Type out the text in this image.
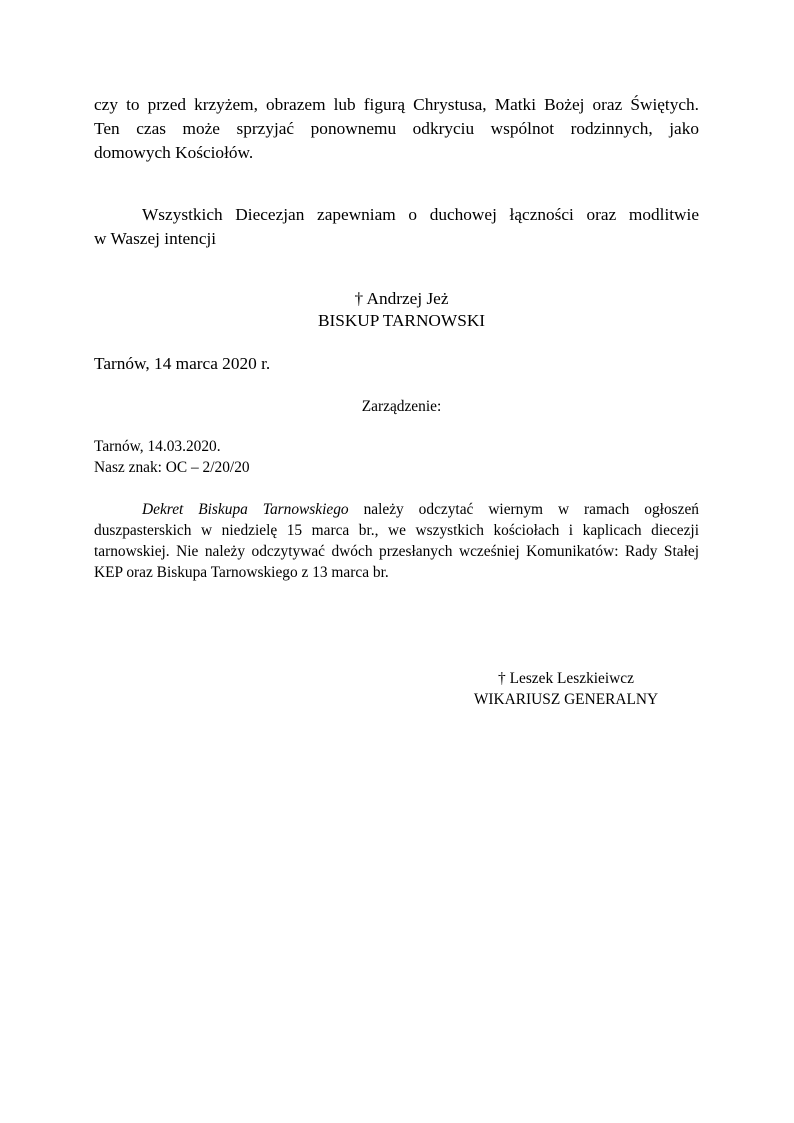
czy to przed krzyżem, obrazem lub figurą Chrystusa, Matki Bożej oraz Świętych.

Ten czas może sprzyjać ponownemu odkryciu wspólnot rodzinnych, jako

domowych Kościołów.

Wszystkich Diecezjan zapewniam o duchowej łączności oraz modlitwie

w Waszej intencji

† Andrzej Jeż
BISKUP TARNOWSKI
Tarnów, 14 marca 2020 r.
Zarządzenie:
Tarnów, 14.03.2020.
Nasz znak: OC – 2/20/20

Dekret Biskupa Tarnowskiego należy odczytać wiernym w ramach ogłoszeń

duszpasterskich w niedzielę 15 marca br., we wszystkich kościołach i kaplicach diecezji

tarnowskiej. Nie należy odczytywać dwóch przesłanych wcześniej Komunikatów: Rady Stałej

KEP oraz Biskupa Tarnowskiego z 13 marca br.

† Leszek Leszkieiwcz
WIKARIUSZ GENERALNY
